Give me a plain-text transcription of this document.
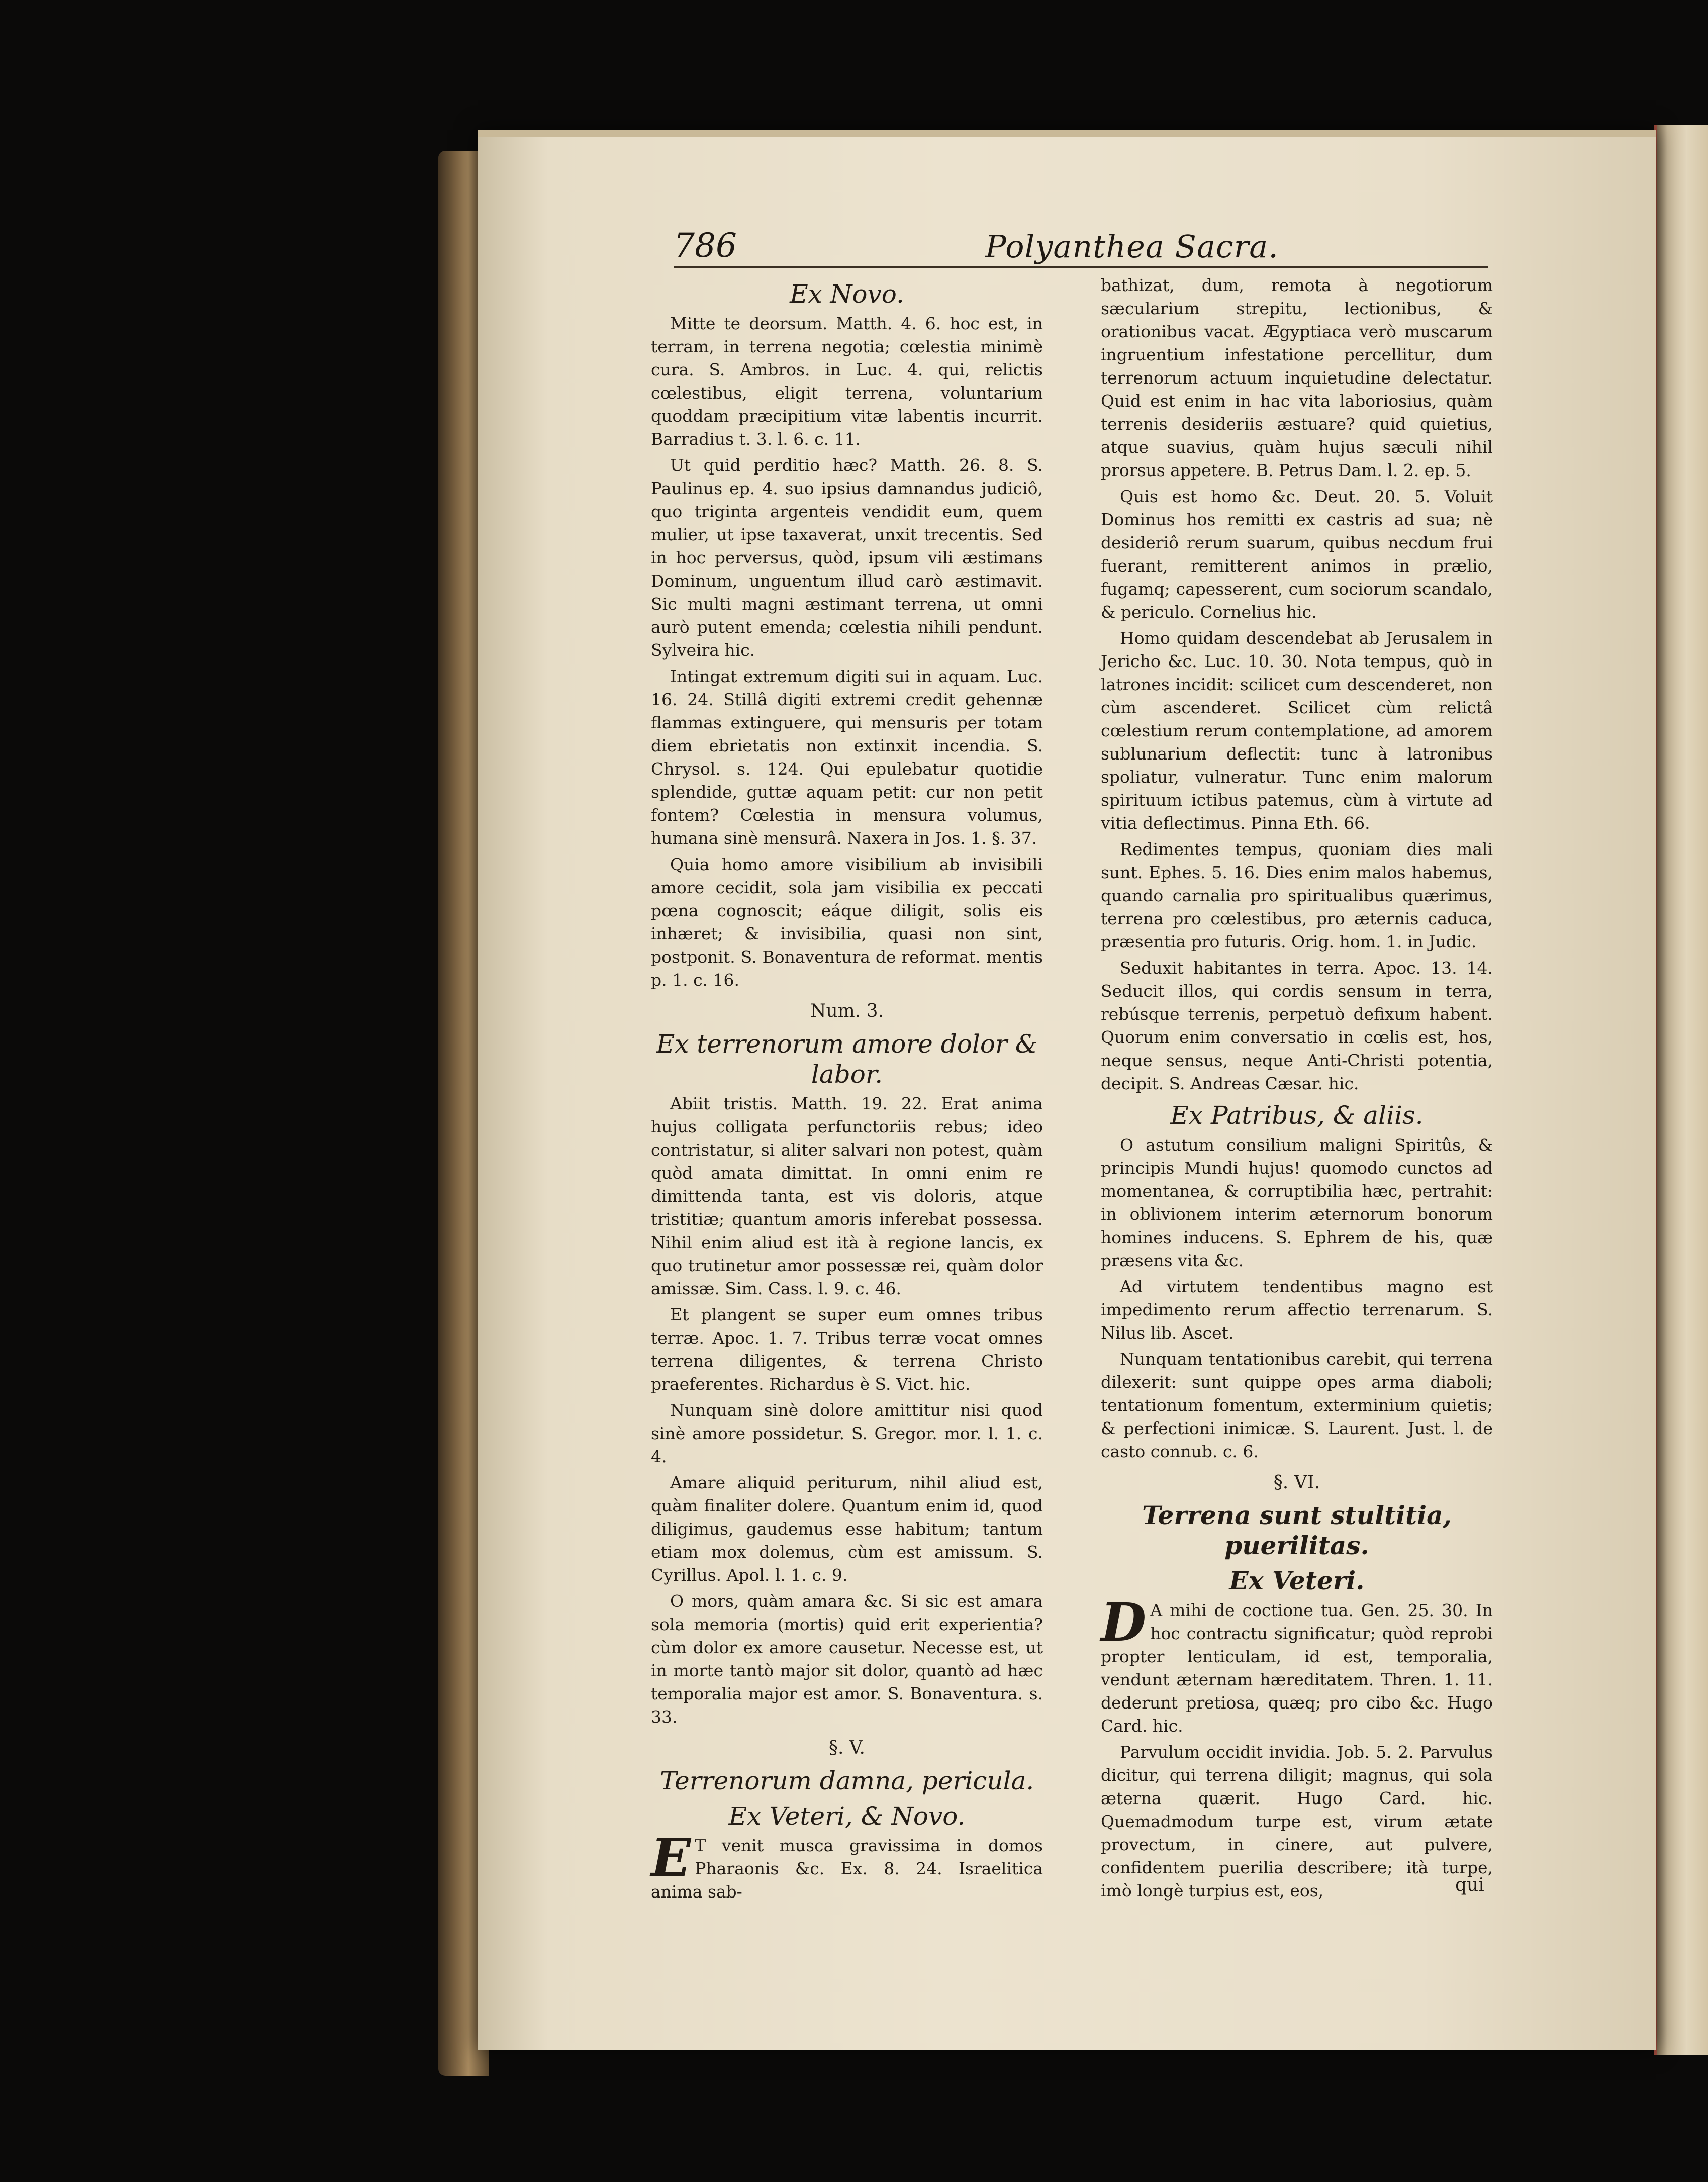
786	Polyanthea Sacra.
Ex Novo.

Mitte te deorsum. Matth. 4. 6. hoc est, in terram, in terrena negotia; cœlestia minimè cura. S. Ambros. in Luc. 4. qui, relictis cœlestibus, eligit terrena, voluntarium quoddam præcipitium vitæ labentis incurrit. Barradius t. 3. l. 6. c. 11.

Ut quid perditio hæc? Matth. 26. 8. S. Paulinus ep. 4. suo ipsius damnandus judiciô, quo triginta argenteis vendidit eum, quem mulier, ut ipse taxaverat, unxit trecentis. Sed in hoc perversus, quòd, ipsum vili æstimans Dominum, unguentum illud carò æstimavit. Sic multi magni æstimant terrena, ut omni aurò putent emenda; cœlestia nihili pendunt. Sylveira hic.

Intingat extremum digiti sui in aquam. Luc. 16. 24. Stillâ digiti extremi credit gehennæ flammas extinguere, qui mensuris per totam diem ebrietatis non extinxit incendia. S. Chrysol. s. 124. Qui epulebatur quotidie splendide, guttæ aquam petit: cur non petit fontem? Cœlestia in mensura volumus, humana sinè mensurâ. Naxera in Jos. 1. §. 37.

Quia homo amore visibilium ab invisibili amore cecidit, sola jam visibilia ex peccati pœna cognoscit; eáque diligit, solis eis inhæret; & invisibilia, quasi non sint, postponit. S. Bonaventura de reformat. mentis p. 1. c. 16.

Num. 3.
Ex terrenorum amore dolor & labor.

Abiit tristis. Matth. 19. 22. Erat anima hujus colligata perfunctoriis rebus; ideo contristatur, si aliter salvari non potest, quàm quòd amata dimittat. In omni enim re dimittenda tanta, est vis doloris, atque tristitiæ; quantum amoris inferebat possessa. Nihil enim aliud est ità à regione lancis, ex quo trutinetur amor possessæ rei, quàm dolor amissæ. Sim. Cass. l. 9. c. 46.

Et plangent se super eum omnes tribus terræ. Apoc. 1. 7. Tribus terræ vocat omnes terrena diligentes, & terrena Christo praeferentes. Richardus è S. Vict. hic.

Nunquam sinè dolore amittitur nisi quod sinè amore possidetur. S. Gregor. mor. l. 1. c. 4.

Amare aliquid periturum, nihil aliud est, quàm finaliter dolere. Quantum enim id, quod diligimus, gaudemus esse habitum; tantum etiam mox dolemus, cùm est amissum. S. Cyrillus. Apol. l. 1. c. 9.

O mors, quàm amara &c. Si sic est amara sola memoria (mortis) quid erit experientia? cùm dolor ex amore causetur. Necesse est, ut in morte tantò major sit dolor, quantò ad hæc temporalia major est amor. S. Bonaventura. s. 33.

§. V.
Terrenorum damna, pericula.
Ex Veteri, & Novo.

E T venit musca gravissima in domos Pharaonis &c. Ex. 8. 24. Israelitica anima sab-

bathizat, dum, remota à negotiorum sæcularium strepitu, lectionibus, & orationibus vacat. Ægyptiaca verò muscarum ingruentium infestatione percellitur, dum terrenorum actuum inquietudine delectatur. Quid est enim in hac vita laboriosius, quàm terrenis desideriis æstuare? quid quietius, atque suavius, quàm hujus sæculi nihil prorsus appetere. B. Petrus Dam. l. 2. ep. 5.

Quis est homo &c. Deut. 20. 5. Voluit Dominus hos remitti ex castris ad sua; nè desideriô rerum suarum, quibus necdum frui fuerant, remitterent animos in prælio, fugamq; capesserent, cum sociorum scandalo, & periculo. Cornelius hic.

Homo quidam descendebat ab Jerusalem in Jericho &c. Luc. 10. 30. Nota tempus, quò in latrones incidit: scilicet cum descenderet, non cùm ascenderet. Scilicet cùm relictâ cœlestium rerum contemplatione, ad amorem sublunarium deflectit: tunc à latronibus spoliatur, vulneratur. Tunc enim malorum spirituum ictibus patemus, cùm à virtute ad vitia deflectimus. Pinna Eth. 66.

Redimentes tempus, quoniam dies mali sunt. Ephes. 5. 16. Dies enim malos habemus, quando carnalia pro spiritualibus quærimus, terrena pro cœlestibus, pro æternis caduca, præsentia pro futuris. Orig. hom. 1. in Judic.

Seduxit habitantes in terra. Apoc. 13. 14. Seducit illos, qui cordis sensum in terra, rebúsque terrenis, perpetuò defixum habent. Quorum enim conversatio in cœlis est, hos, neque sensus, neque Anti-Christi potentia, decipit. S. Andreas Cæsar. hic.

Ex Patribus, & aliis.

O astutum consilium maligni Spiritûs, & principis Mundi hujus! quomodo cunctos ad momentanea, & corruptibilia hæc, pertrahit: in oblivionem interim æternorum bonorum homines inducens. S. Ephrem de his, quæ præsens vita &c.

Ad virtutem tendentibus magno est impedimento rerum affectio terrenarum. S. Nilus lib. Ascet.

Nunquam tentationibus carebit, qui terrena dilexerit: sunt quippe opes arma diaboli; tentationum fomentum, exterminium quietis; & perfectioni inimicæ. S. Laurent. Just. l. de casto connub. c. 6.

§. VI.
Terrena sunt stultitia, puerilitas.
Ex Veteri.

D A mihi de coctione tua. Gen. 25. 30. In hoc contractu significatur; quòd reprobi propter lenticulam, id est, temporalia, vendunt æternam hæreditatem. Thren. 1. 11. dederunt pretiosa, quæq; pro cibo &c. Hugo Card. hic.

Parvulum occidit invidia. Job. 5. 2. Parvulus dicitur, qui terrena diligit; magnus, qui sola æterna quærit. Hugo Card. hic. Quemadmodum turpe est, virum ætate provectum, in cinere, aut pulvere, confidentem puerilia describere; ità turpe, imò longè turpius est, eos,	qui
